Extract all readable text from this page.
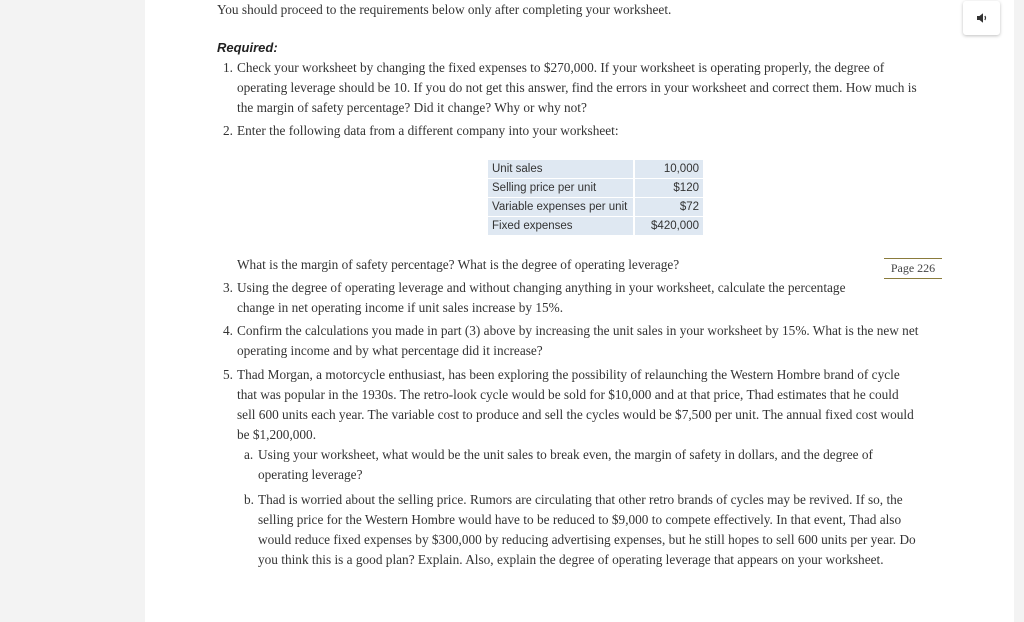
You should proceed to the requirements below only after completing your worksheet.
Required:
1. Check your worksheet by changing the fixed expenses to $270,000. If your worksheet is operating properly, the degree of
operating leverage should be 10. If you do not get this answer, find the errors in your worksheet and correct them. How much is
the margin of safety percentage? Did it change? Why or why not?
2. Enter the following data from a different company into your worksheet:
Unit sales		10,000
Selling price per unit		$120
Variable expenses per unit		$72
Fixed expenses		$420,000
What is the margin of safety percentage? What is the degree of operating leverage?	Page 226
3. Using the degree of operating leverage and without changing anything in your worksheet, calculate the percentage
change in net operating income if unit sales increase by 15%.
4. Confirm the calculations you made in part (3) above by increasing the unit sales in your worksheet by 15%. What is the new net
operating income and by what percentage did it increase?
5. Thad Morgan, a motorcycle enthusiast, has been exploring the possibility of relaunching the Western Hombre brand of cycle
that was popular in the 1930s. The retro-look cycle would be sold for $10,000 and at that price, Thad estimates that he could
sell 600 units each year. The variable cost to produce and sell the cycles would be $7,500 per unit. The annual fixed cost would
be $1,200,000.
a. Using your worksheet, what would be the unit sales to break even, the margin of safety in dollars, and the degree of
operating leverage?
b. Thad is worried about the selling price. Rumors are circulating that other retro brands of cycles may be revived. If so, the
selling price for the Western Hombre would have to be reduced to $9,000 to compete effectively. In that event, Thad also
would reduce fixed expenses by $300,000 by reducing advertising expenses, but he still hopes to sell 600 units per year. Do
you think this is a good plan? Explain. Also, explain the degree of operating leverage that appears on your worksheet.
